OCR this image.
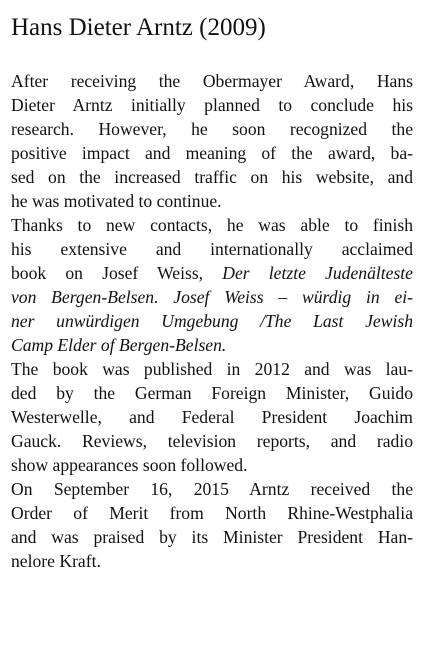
Hans Dieter Arntz (2009)

After receiving the Obermayer Award, Hans

Dieter Arntz initially planned to conclude his

research. However, he soon recognized the

positive impact and meaning of the award, ba-

sed on the increased traffic on his website, and

he was motivated to continue.

Thanks to new contacts, he was able to finish

his extensive and internationally acclaimed

book on Josef Weiss, Der letzte Judenälteste

von Bergen-Belsen. Josef Weiss – würdig in ei-

ner unwürdigen Umgebung /The Last Jewish

Camp Elder of Bergen-Belsen.

The book was published in 2012 and was lau-

ded by the German Foreign Minister, Guido

Westerwelle, and Federal President Joachim

Gauck. Reviews, television reports, and radio

show appearances soon followed.

On September 16, 2015 Arntz received the

Order of Merit from North Rhine-Westphalia

and was praised by its Minister President Han-

nelore Kraft.
